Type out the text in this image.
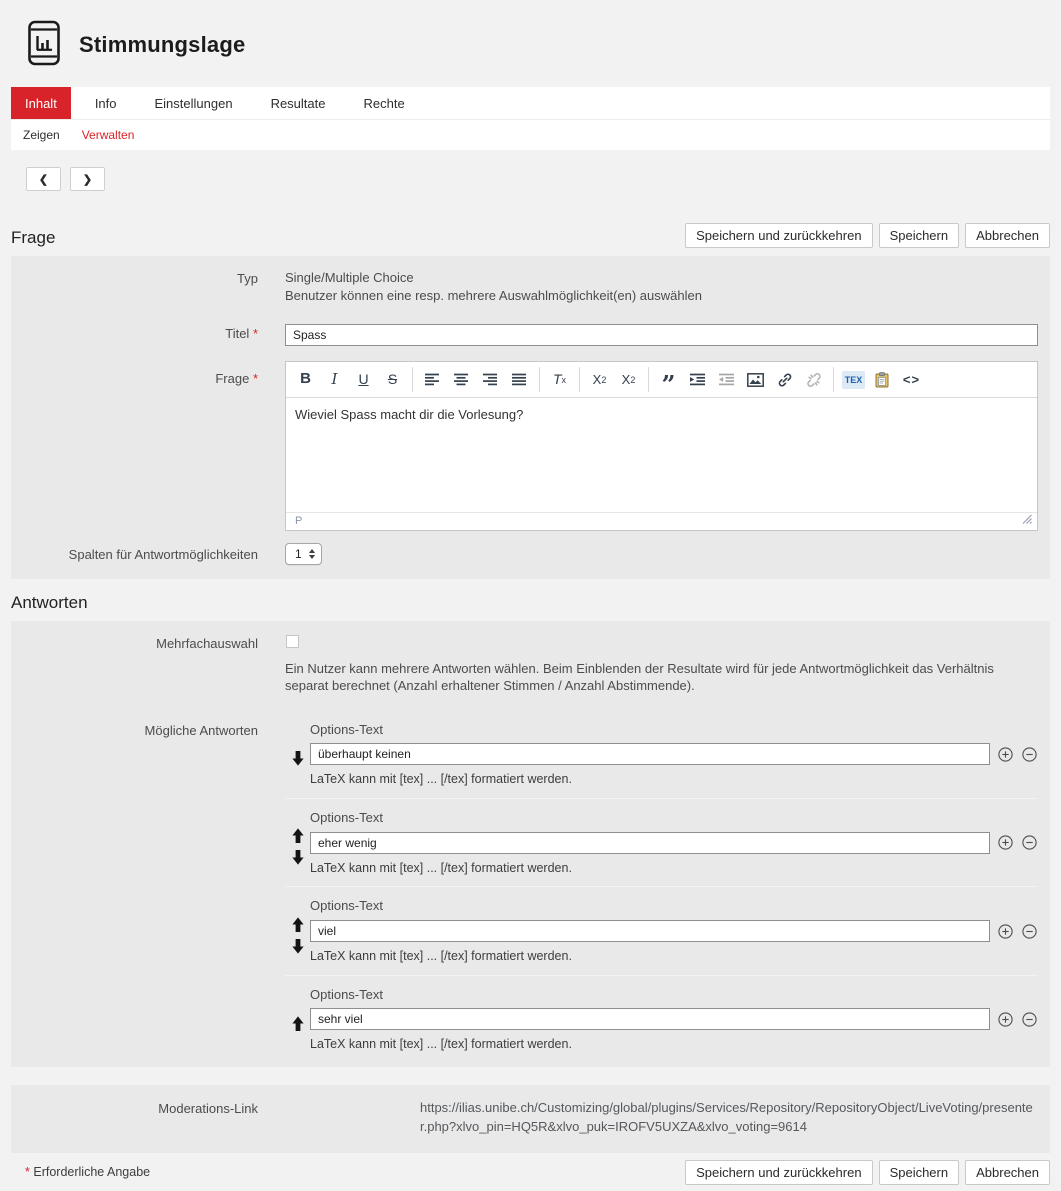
Stimmungslage
Inhalt	Info	Einstellungen	Resultate	Rechte
Zeigen Verwalten
❮	❯
Frage	Speichern und zurückkehren	Speichern	Abbrechen
Typ Single/Multiple Choice
Benutzer können eine resp. mehrere Auswahlmöglichkeit(en) auswählen
Titel *
Spass
Frage *	B	I	U	S	T x X 2 X 2	”	TEX	<>
Wieviel Spass macht dir die Vorlesung?
P
Spalten für Antwortmöglichkeiten	1
Antworten
Mehrfachauswahl
Ein Nutzer kann mehrere Antworten wählen. Beim Einblenden der Resultate wird für jede Antwortmöglichkeit das Verhältnis separat berechnet (Anzahl erhaltener Stimmen / Anzahl Abstimmende).
Mögliche Antworten	Options-Text
überhaupt keinen
LaTeX kann mit [tex] ... [/tex] formatiert werden.
Options-Text
eher wenig
LaTeX kann mit [tex] ... [/tex] formatiert werden.
Options-Text
viel
LaTeX kann mit [tex] ... [/tex] formatiert werden.
Options-Text
sehr viel
LaTeX kann mit [tex] ... [/tex] formatiert werden.
Moderations-Link	https://ilias.unibe.ch/Customizing/global/plugins/Services/Repository/RepositoryObject/LiveVoting/presenter.php?xlvo_pin=HQ5R&xlvo_puk=IROFV5UXZA&xlvo_voting=9614
* Erforderliche Angabe	Speichern und zurückkehren	Speichern	Abbrechen
